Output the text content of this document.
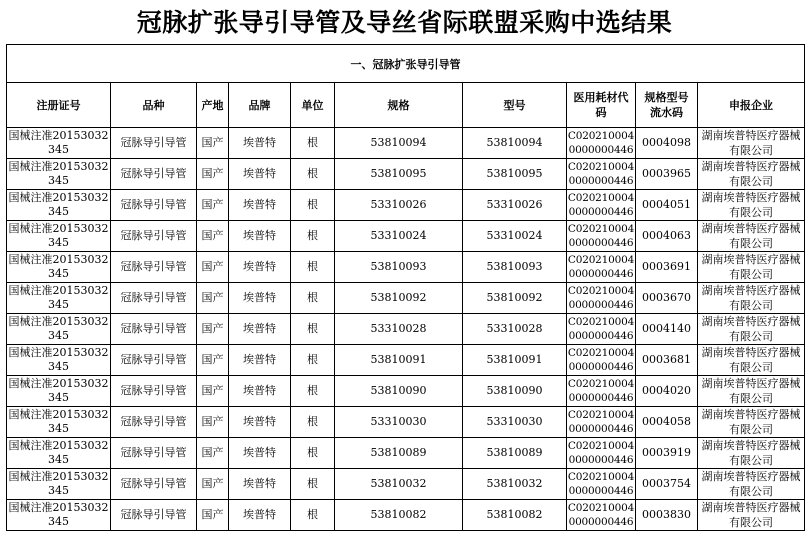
冠脉扩张导引导管及导丝省际联盟采购中选结果
一、冠脉扩张导引导管									

注册证号	品种	产地	品牌	单位	规格	型号	医用耗材代码	规格型号流水码	申报企业

国械注准20153032345	冠脉导引导管	国产	埃普特	根	53810094	53810094	C0202100040000000446	0004098	湖南埃普特医疗器械有限公司

国械注准20153032345	冠脉导引导管	国产	埃普特	根	53810095	53810095	C0202100040000000446	0003965	湖南埃普特医疗器械有限公司

国械注准20153032345	冠脉导引导管	国产	埃普特	根	53310026	53310026	C0202100040000000446	0004051	湖南埃普特医疗器械有限公司

国械注准20153032345	冠脉导引导管	国产	埃普特	根	53310024	53310024	C0202100040000000446	0004063	湖南埃普特医疗器械有限公司

国械注准20153032345	冠脉导引导管	国产	埃普特	根	53810093	53810093	C0202100040000000446	0003691	湖南埃普特医疗器械有限公司

国械注准20153032345	冠脉导引导管	国产	埃普特	根	53810092	53810092	C0202100040000000446	0003670	湖南埃普特医疗器械有限公司

国械注准20153032345	冠脉导引导管	国产	埃普特	根	53310028	53310028	C0202100040000000446	0004140	湖南埃普特医疗器械有限公司

国械注准20153032345	冠脉导引导管	国产	埃普特	根	53810091	53810091	C0202100040000000446	0003681	湖南埃普特医疗器械有限公司

国械注准20153032345	冠脉导引导管	国产	埃普特	根	53810090	53810090	C0202100040000000446	0004020	湖南埃普特医疗器械有限公司

国械注准20153032345	冠脉导引导管	国产	埃普特	根	53310030	53310030	C0202100040000000446	0004058	湖南埃普特医疗器械有限公司

国械注准20153032345	冠脉导引导管	国产	埃普特	根	53810089	53810089	C0202100040000000446	0003919	湖南埃普特医疗器械有限公司

国械注准20153032345	冠脉导引导管	国产	埃普特	根	53810032	53810032	C0202100040000000446	0003754	湖南埃普特医疗器械有限公司

国械注准20153032345	冠脉导引导管	国产	埃普特	根	53810082	53810082	C0202100040000000446	0003830	湖南埃普特医疗器械有限公司
